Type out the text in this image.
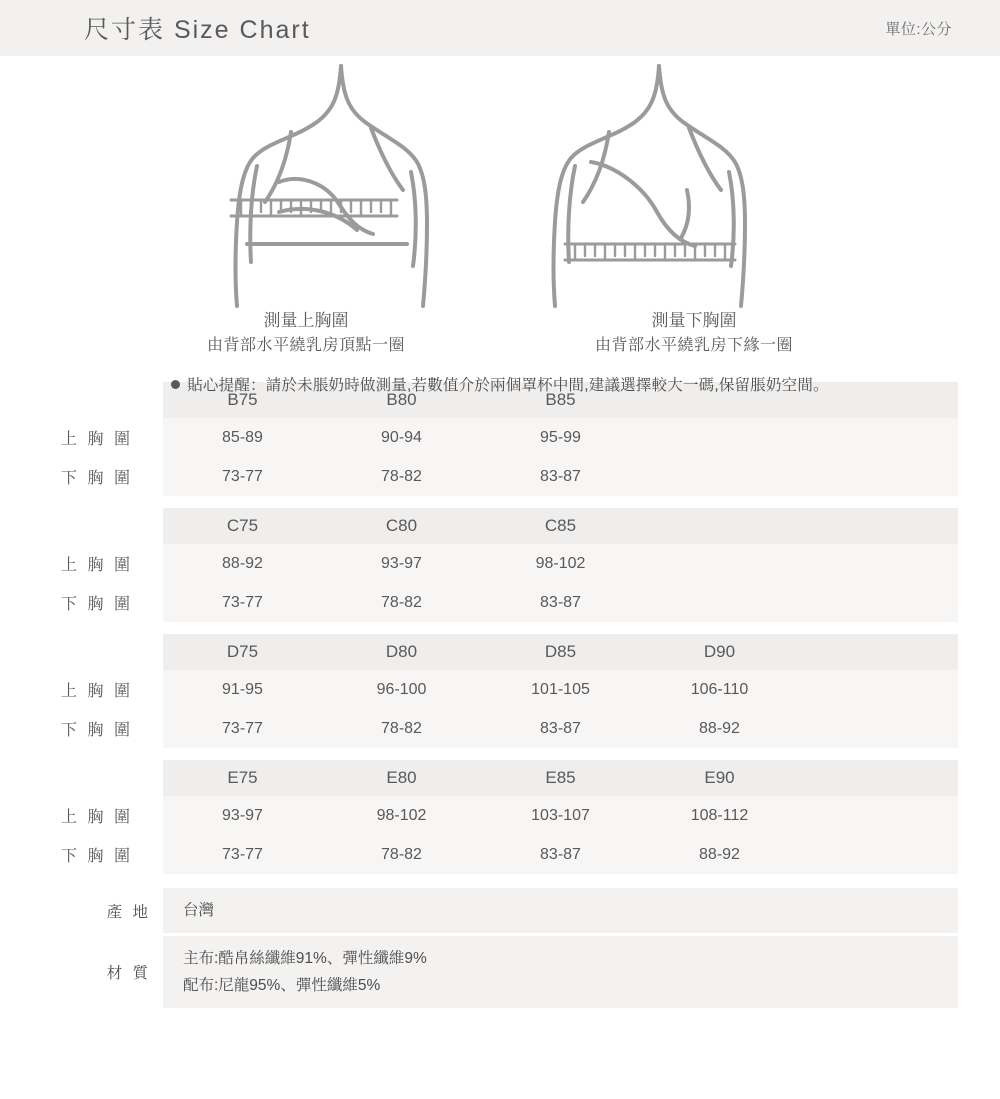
尺寸表 Size Chart	單位:公分
測量上胸圍
由背部水平繞乳房頂點一圈
測量下胸圍
由背部水平繞乳房下緣一圈
貼心提醒：請於未脹奶時做測量,若數值介於兩個罩杯中間,建議選擇較大一碼,保留脹奶空間。
	B75	B80	B85		
上 胸 圍	85-89	90-94	95-99		
下 胸 圍	73-77	78-82	83-87		
	C75	C80	C85		
上 胸 圍	88-92	93-97	98-102		
下 胸 圍	73-77	78-82	83-87		
	D75	D80	D85	D90	
上 胸 圍	91-95	96-100	101-105	106-110	
下 胸 圍	73-77	78-82	83-87	88-92	
	E75	E80	E85	E90	
上 胸 圍	93-97	98-102	103-107	108-112	
下 胸 圍	73-77	78-82	83-87	88-92	
產 地	台灣
材 質	主布:酷帛絲纖維91%、彈性纖維9%
配布:尼龍95%、彈性纖維5%
